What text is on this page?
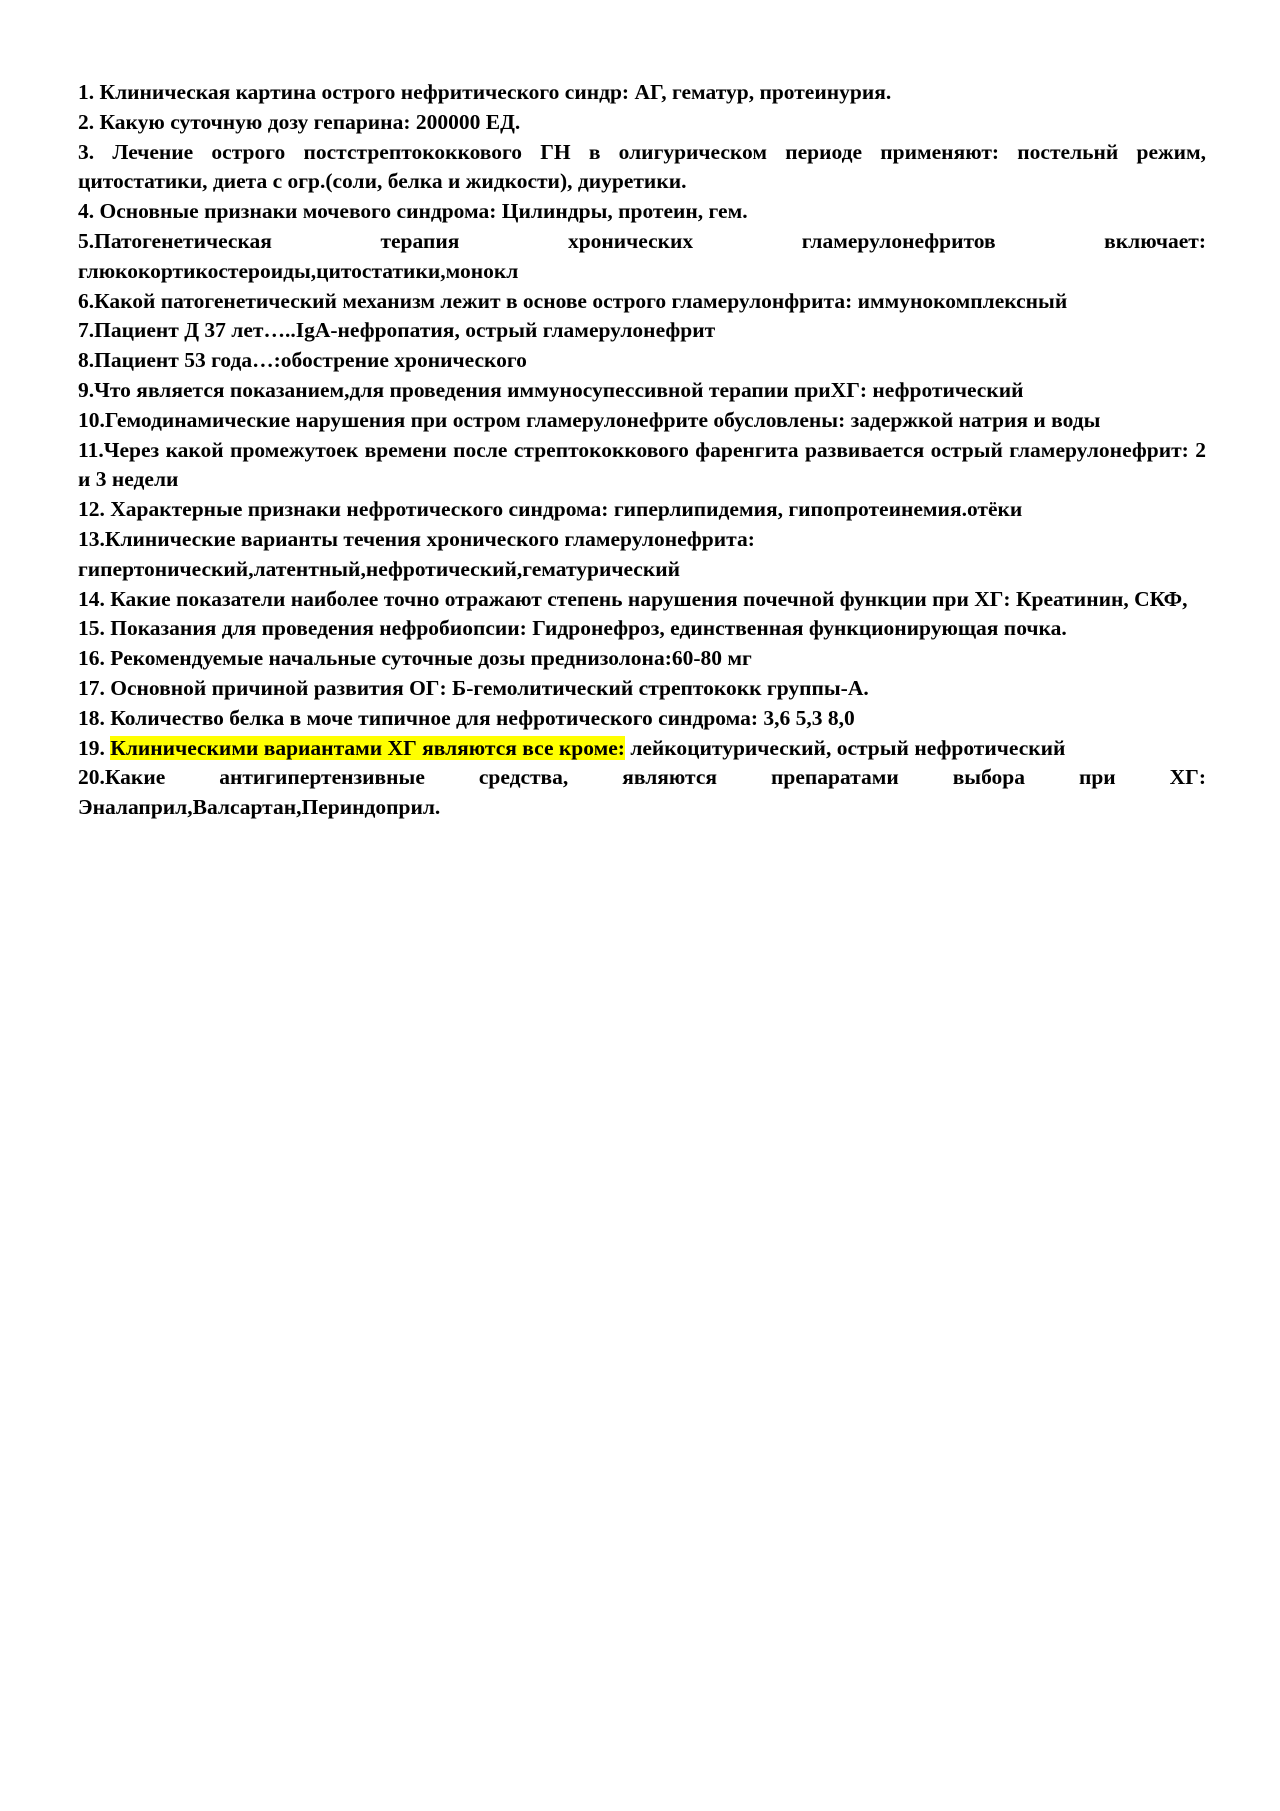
1. Клиническая картина острого нефритического синдр: АГ, гематур, протеинурия.

2. Какую суточную дозу гепарина: 200000 ЕД.

3. Лечение острого постстрептококкового ГН в олигурическом периоде применяют: постельнй режим, цитостатики, диета с огр.(соли, белка и жидкости), диуретики.

4. Основные признаки мочевого синдрома: Цилиндры, протеин, гем.

5.Патогенетическая терапия хронических гламерулонефритов включает: глюкокортикостероиды,цитостатики,монокл

6.Какой патогенетический механизм лежит в основе острого гламерулонфрита: иммунокомплексный

7.Пациент Д 37 лет…..IgA-нефропатия, острый гламерулонефрит

8.Пациент 53 года…:обострение хронического

9.Что является показанием,для проведения иммуносупессивной терапии приХГ: нефротический

10.Гемодинамические нарушения при остром гламерулонефрите обусловлены: задержкой натрия и воды

11.Через какой промежутоек времени после стрептококкового фаренгита развивается острый гламерулонефрит: 2 и 3 недели

12. Характерные признаки нефротического синдрома: гиперлипидемия, гипопротеинемия.отёки

13.Клинические варианты течения хронического гламерулонефрита:

гипертонический,латентный,нефротический,гематурический

14. Какие показатели наиболее точно отражают степень нарушения почечной функции при ХГ: Креатинин, СКФ,

15. Показания для проведения нефробиопсии: Гидронефроз, единственная функционирующая почка.

16. Рекомендуемые начальные суточные дозы преднизолона:60-80 мг

17. Основной причиной развития ОГ: Б-гемолитический стрептококк группы-А.

18. Количество белка в моче типичное для нефротического синдрома: 3,6 5,3 8,0

19. Клиническими вариантами ХГ являются все кроме: лейкоцитурический, острый нефротический

20.Какие антигипертензивные средства, являются препаратами выбора при ХГ: Эналаприл,Валсартан,Периндоприл.
